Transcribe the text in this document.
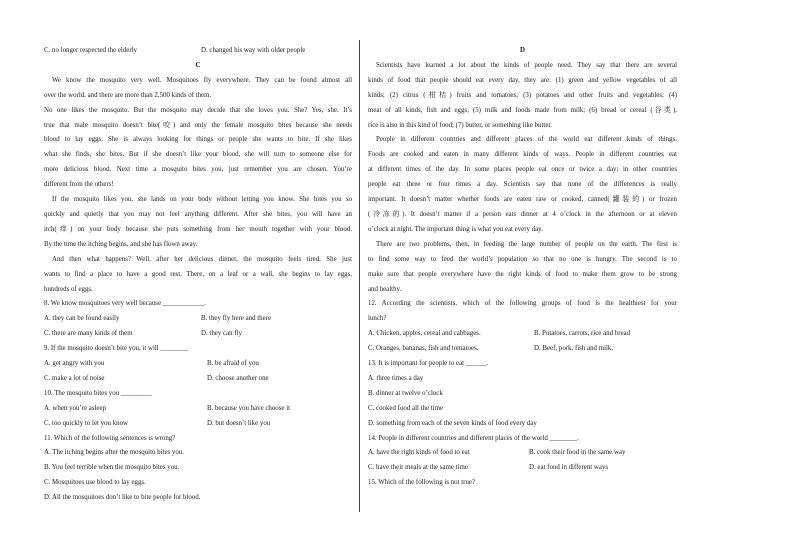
C. no longer respected the elderly	D. changed his way with older people
C
We know the mosquito very well. Mosquitoes fly everywhere. They can be found almost all
over the world, and there are more than 2,500 kinds of them.
No one likes the mosquito. But the mosquito may decide that she loves you. She? Yes, she. It’s
true that male mosquito doesn’t bite(咬) and only the female mosquito bites because she needs
blood to lay eggs. She is always looking for things or people she wants to bite. If she likes
what she finds, she bites. But if she doesn’t like your blood, she will turn to someone else for
more delicious blood. Next time a mosquito bites you, just remember you are chosen. You’re
different from the others!
If the mosquito likes you, she lands on your body without letting you know. She bites you so
quickly and quietly that you may not feel anything different. After she bites, you will have an
itch(痒) on your body because she puts something from her mouth together with your blood.
By the time the itching begins, and she has flown away.
And then what happens? Well, after her delicious dinner, the mosquito feels tired. She just
wants to find a place to have a good rest. There, on a leaf or a wall, she begins to lay eggs,
hundreds of eggs.
8. We know mosquitoes very well because ____________.
A. they can be found easily	B. they fly here and there
C. there are many kinds of them	D. they can fly
9. If the mosquito doesn’t bite you, it will ________
A. get angry with you	B. be afraid of you
C. make a lot of noise	D. choose another one
10. The mosquito bites you _________
A. when you’re asleep	B. because you have choose it
C. too quickly to let you know	D. but doesn’t like you
11. Which of the following sentences is wrong?
A. The itching begins after the mosquito bites you.
B. You feel terrible when the mosquito bites you.
C. Mosquitoes use blood to lay eggs.
D. All the mosquitoes don’t like to bite people for blood.
D
Scientists have learned a lot about the kinds of people need. They say that there are several
kinds of food that people should eat every day, they are: (1) green and yellow vegetables of all
kinds; (2) citrus (柑桔) fruits and tomatoes; (3) potatoes and other fruits and vegetables; (4)
meat of all kinds, fish and eggs; (5) milk and foods made from milk; (6) bread or cereal (谷类),
rice is also in this kind of food; (7) butter, or something like butter.
People in different countries and different places of the world eat different kinds of things.
Foods are cooked and eaten in many different kinds of ways. People in different countries eat
at different times of the day. In some places people eat once or twice a day; in other countries
people eat three or four times a day. Scientists say that none of the differences is really
important. It doesn’t matter whether foods are eaten raw or cooked, canned(罐装的) or frozen
(冷冻的). It doesn’t matter if a person eats dinner at 4 o’clock in the afternoon or at eleven
o’clock at night. The important thing is what you eat every day.
There are two problems, then, in feeding the large number of people on the earth. The first is
to find some way to feed the world’s population so that no one is hungry. The second is to
make sure that people everywhere have the right kinds of food to make them grow to be strong
and healthy.
12. According the scientists, which of the following groups of food is the healthiest for your
lunch?
A. Chicken, apples, cereal and cabbages.	B. Potatoes, carrots, rice and bread
C. Oranges, bananas, fish and tomatoes.	D. Beef, pork, fish and milk,
13. It is important for people to eat ______.
A. three times a day
B. dinner at twelve o’clock
C. cooked food all the time
D. something from each of the seven kinds of food every day
14. People in different countries and different places of the world ________.
A. have the right kinds of food to eat	B. cook their food in the same way
C. have their meals at the same time	D. eat food in different ways
15. Which of the following is not true?
